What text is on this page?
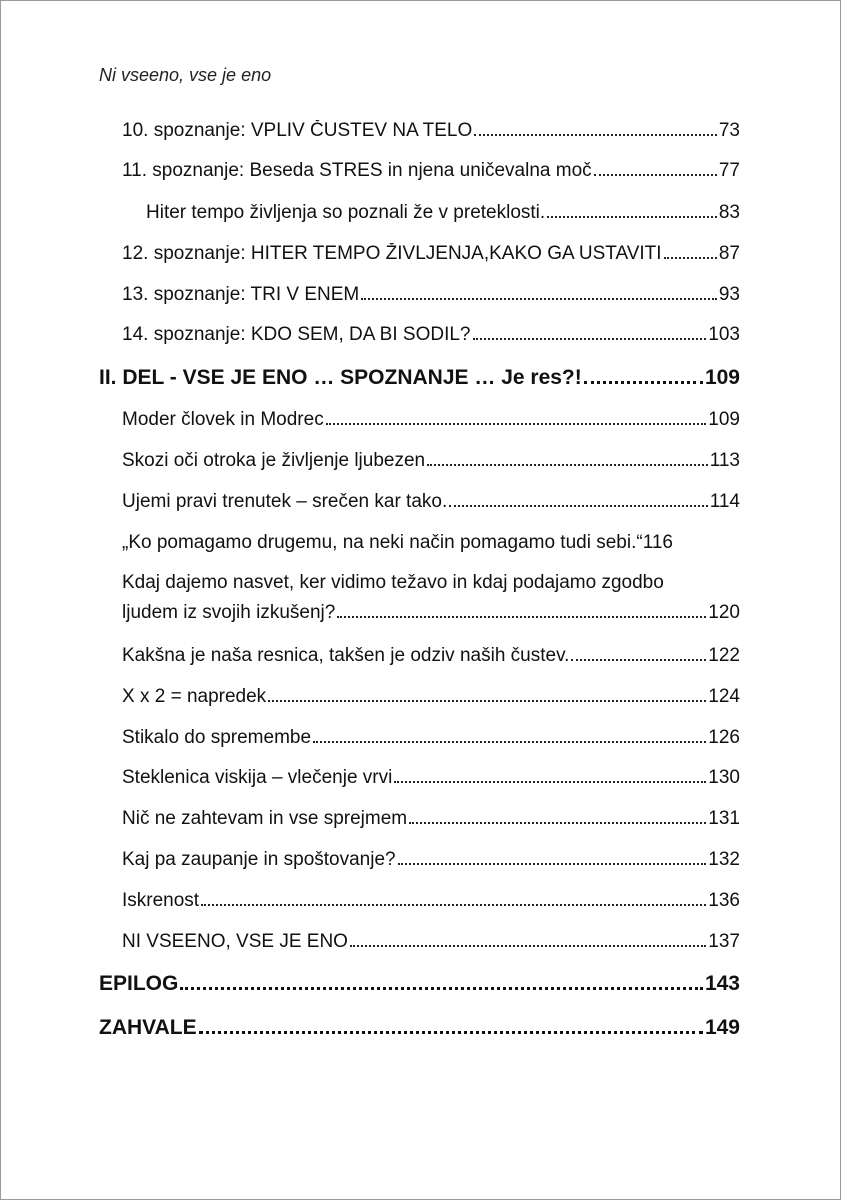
Ni vseeno, vse je eno
10. spoznanje: VPLIV ČUSTEV NA TELO	73
11. spoznanje: Beseda STRES in njena uničevalna moč	77
Hiter tempo življenja so poznali že v preteklosti.	83
12. spoznanje: HITER TEMPO ŽIVLJENJA,KAKO GA USTAVITI	87
13. spoznanje: TRI V ENEM	93
14. spoznanje: KDO SEM, DA BI SODIL?	103
II. DEL - VSE JE ENO … SPOZNANJE … Je res?!	109
Moder človek in Modrec	109
Skozi oči otroka je življenje ljubezen	113
Ujemi pravi trenutek – srečen kar tako.	114
„Ko pomagamo drugemu, na neki način pomagamo tudi sebi.“ 116
Kdaj dajemo nasvet, ker vidimo težavo in kdaj podajamo zgodbo
ljudem iz svojih izkušenj?	120
Kakšna je naša resnica, takšen je odziv naših čustev.	122
X x 2 = napredek	124
Stikalo do spremembe	126
Steklenica viskija – vlečenje vrvi	130
Nič ne zahtevam in vse sprejmem	131
Kaj pa zaupanje in spoštovanje?	132
Iskrenost	136
NI VSEENO, VSE JE ENO	137
EPILOG	143
ZAHVALE	149
